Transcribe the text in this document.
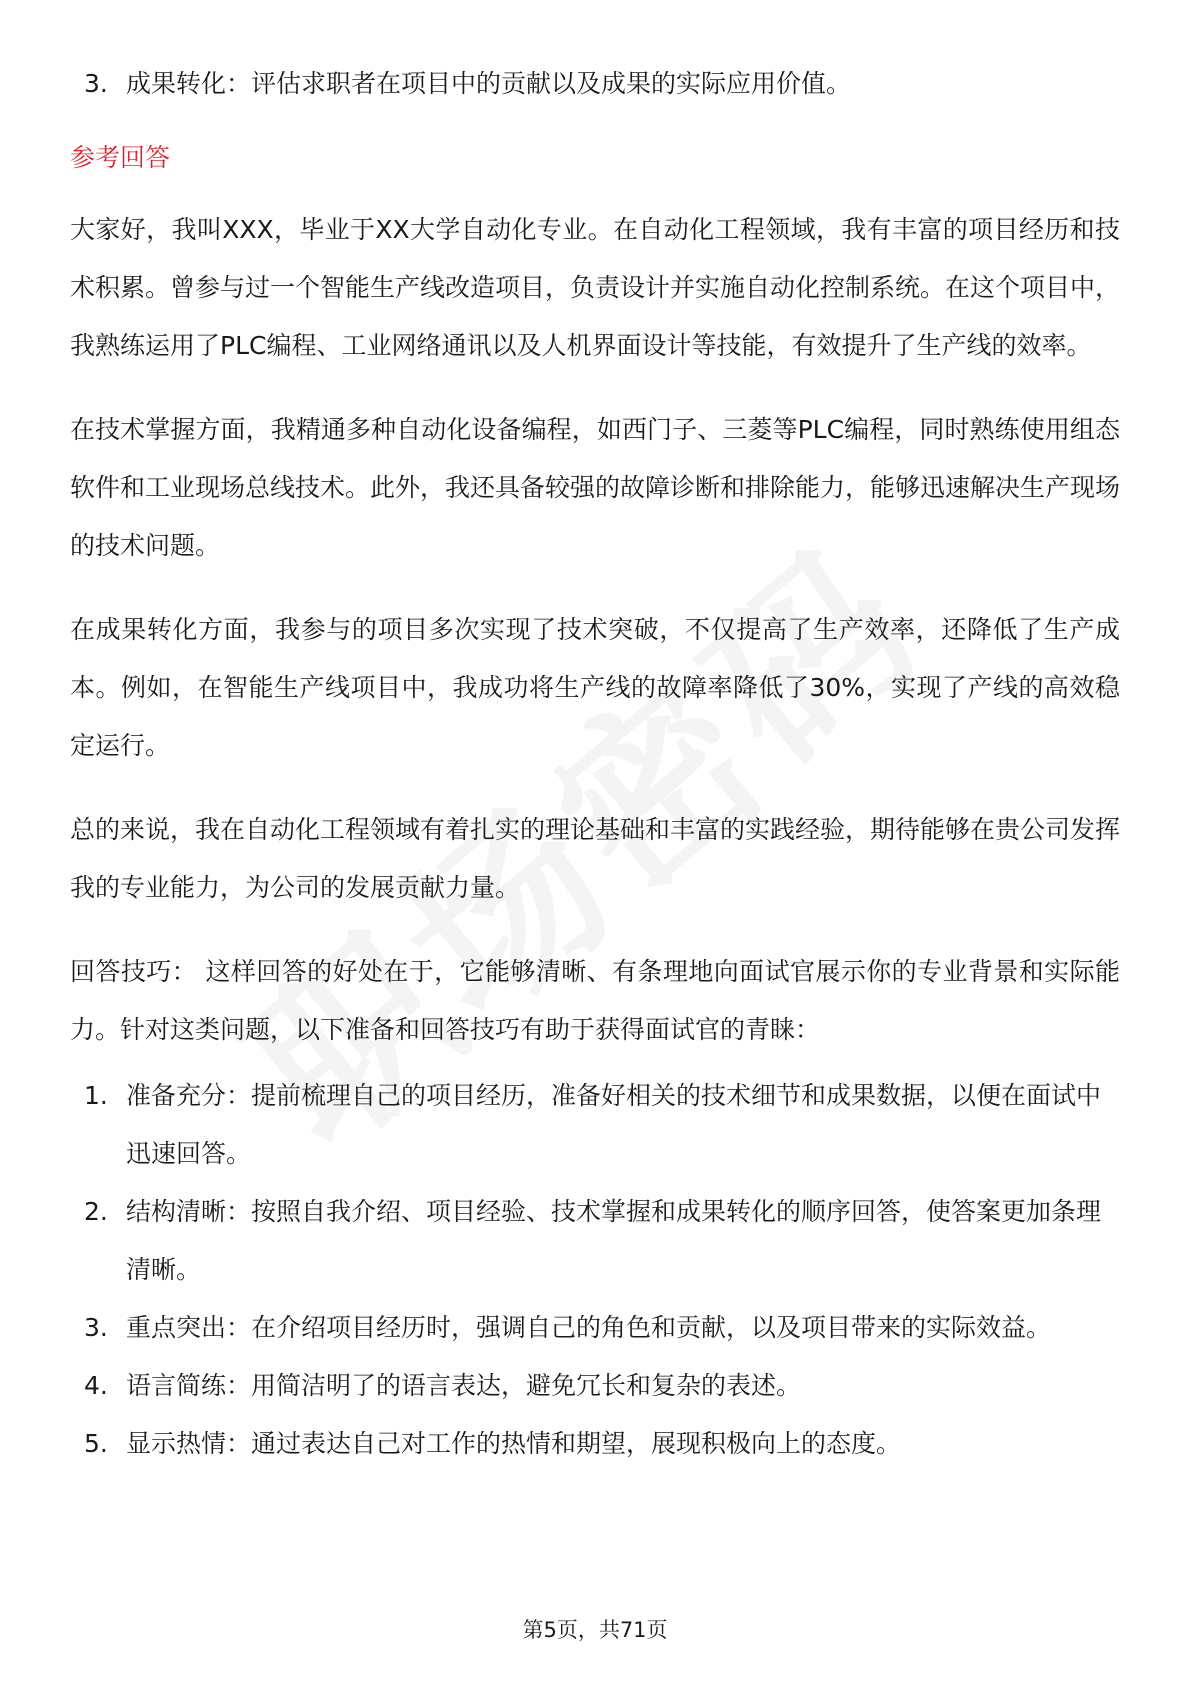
3. 成果转化：评估求职者在项目中的贡献以及成果的实际应用价值。
参考回答

大家好，我叫XXX，毕业于XX大学自动化专业。在自动化工程领域，我有丰富的项目经历和技术积累。曾参与过一个智能生产线改造项目，负责设计并实施自动化控制系统。在这个项目中，我熟练运用了PLC编程、工业网络通讯以及人机界面设计等技能，有效提升了生产线的效率。

在技术掌握方面，我精通多种自动化设备编程，如西门子、三菱等PLC编程，同时熟练使用组态软件和工业现场总线技术。此外，我还具备较强的故障诊断和排除能力，能够迅速解决生产现场的技术问题。

在成果转化方面，我参与的项目多次实现了技术突破，不仅提高了生产效率，还降低了生产成本。例如，在智能生产线项目中，我成功将生产线的故障率降低了30%，实现了产线的高效稳定运行。

总的来说，我在自动化工程领域有着扎实的理论基础和丰富的实践经验，期待能够在贵公司发挥我的专业能力，为公司的发展贡献力量。

回答技巧： 这样回答的好处在于，它能够清晰、有条理地向面试官展示你的专业背景和实际能力。针对这类问题，以下准备和回答技巧有助于获得面试官的青睐：

1. 准备充分：提前梳理自己的项目经历，准备好相关的技术细节和成果数据，以便在面试中迅速回答。
2. 结构清晰：按照自我介绍、项目经验、技术掌握和成果转化的顺序回答，使答案更加条理清晰。
3. 重点突出：在介绍项目经历时，强调自己的角色和贡献，以及项目带来的实际效益。
4. 语言简练：用简洁明了的语言表达，避免冗长和复杂的表述。
5. 显示热情：通过表达自己对工作的热情和期望，展现积极向上的态度。
第5页，共71页
